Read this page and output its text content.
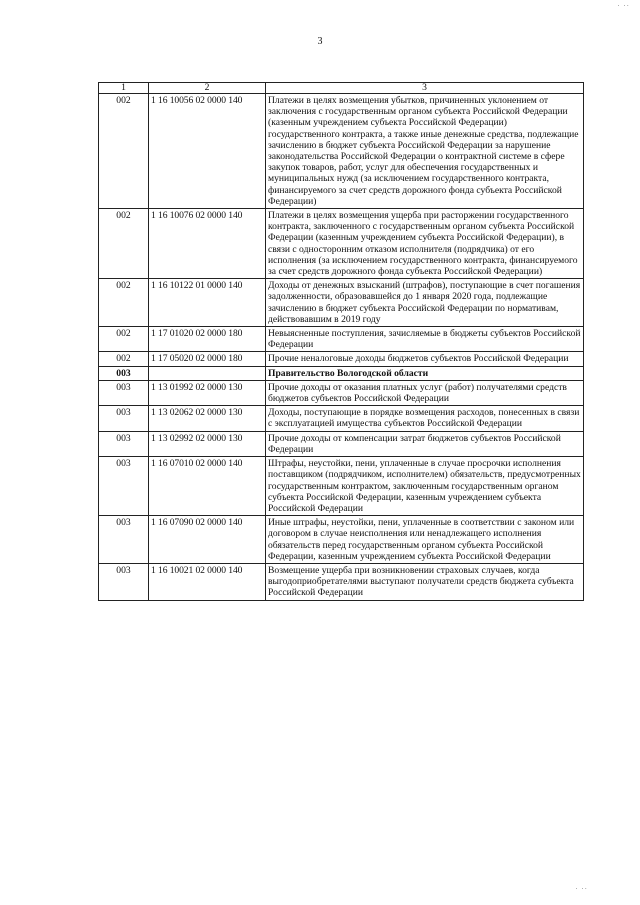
3
· ··
· ··
1	2	3
002	1 16 10056 02 0000 140	Платежи в целях возмещения убытков, причиненных уклонением от заключения с государственным органом субъекта Российской Федерации (казенным учреждением субъекта Российской Федерации) государственного контракта, а также иные денежные средства, подлежащие зачислению в бюджет субъекта Российской Федерации за нарушение законодательства Российской Федерации о контрактной системе в сфере закупок товаров, работ, услуг для обеспечения государственных и муниципальных нужд (за исключением государственного контракта, финансируемого за счет средств дорожного фонда субъекта Российской Федерации)
002	1 16 10076 02 0000 140	Платежи в целях возмещения ущерба при расторжении государственного контракта, заключенного с государственным органом субъекта Российской Федерации (казенным учреждением субъекта Российской Федерации), в связи с односторонним отказом исполнителя (подрядчика) от его исполнения (за исключением государственного контракта, финансируемого за счет средств дорожного фонда субъекта Российской Федерации)
002	1 16 10122 01 0000 140	Доходы от денежных взысканий (штрафов), поступающие в счет погашения задолженности, образовавшейся до 1 января 2020 года, подлежащие зачислению в бюджет субъекта Российской Федерации по нормативам, действовавшим в 2019 году
002	1 17 01020 02 0000 180	Невыясненные поступления, зачисляемые в бюджеты субъектов Российской Федерации
002	1 17 05020 02 0000 180	Прочие неналоговые доходы бюджетов субъектов Российской Федерации
003		Правительство Вологодской области
003	1 13 01992 02 0000 130	Прочие доходы от оказания платных услуг (работ) получателями средств бюджетов субъектов Российской Федерации
003	1 13 02062 02 0000 130	Доходы, поступающие в порядке возмещения расходов, понесенных в связи с эксплуатацией имущества субъектов Российской Федерации
003	1 13 02992 02 0000 130	Прочие доходы от компенсации затрат бюджетов субъектов Российской Федерации
003	1 16 07010 02 0000 140	Штрафы, неустойки, пени, уплаченные в случае просрочки исполнения поставщиком (подрядчиком, исполнителем) обязательств, предусмотренных государственным контрактом, заключенным государственным органом субъекта Российской Федерации, казенным учреждением субъекта Российской Федерации
003	1 16 07090 02 0000 140	Иные штрафы, неустойки, пени, уплаченные в соответствии с законом или договором в случае неисполнения или ненадлежащего исполнения обязательств перед государственным органом субъекта Российской Федерации, казенным учреждением субъекта Российской Федерации
003	1 16 10021 02 0000 140	Возмещение ущерба при возникновении страховых случаев, когда выгодоприобретателями выступают получатели средств бюджета субъекта Российской Федерации
